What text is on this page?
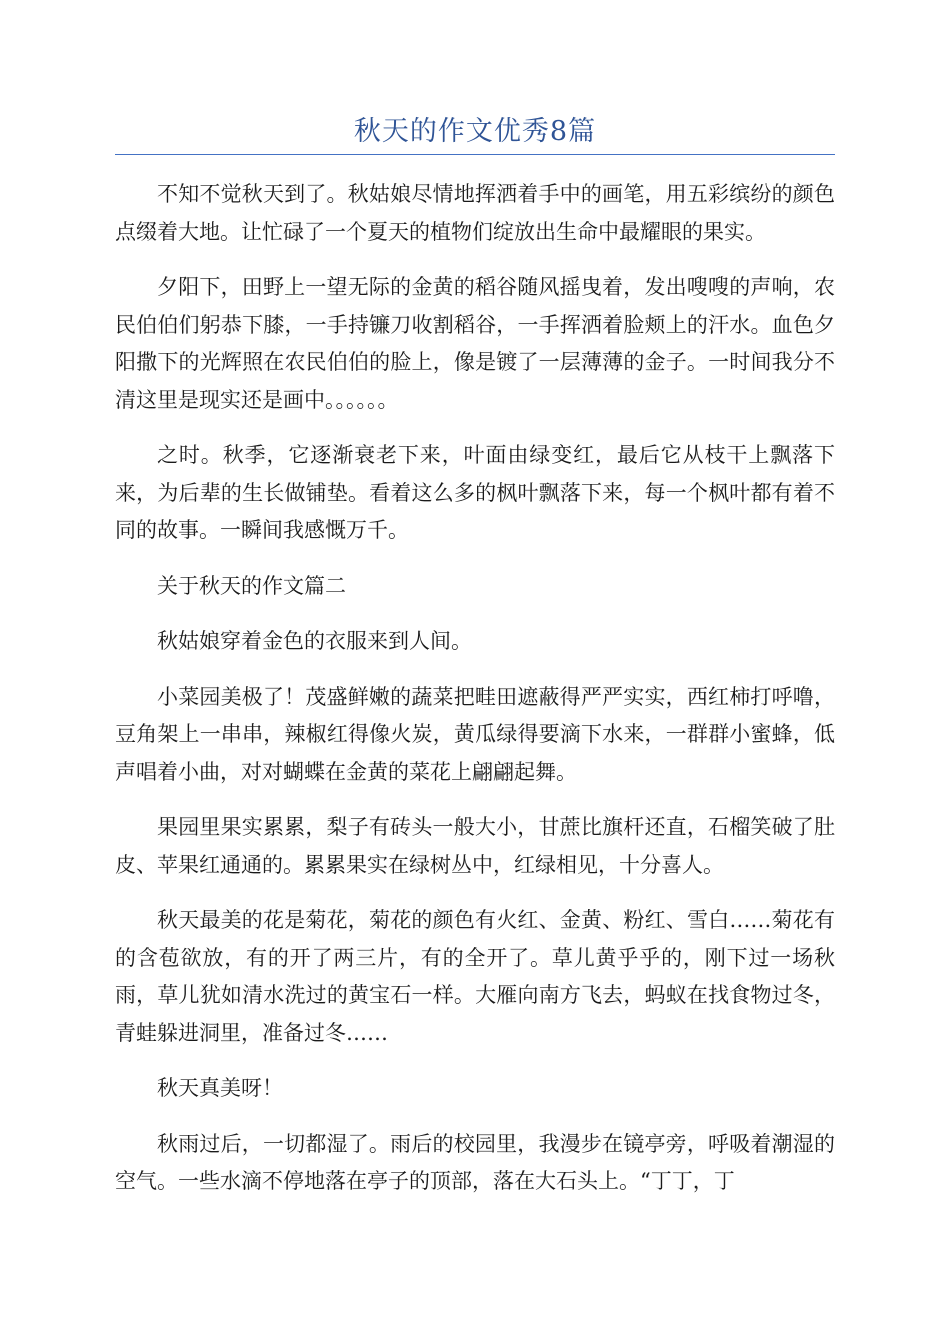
秋天的作文优秀8篇

不知不觉秋天到了。秋姑娘尽情地挥洒着手中的画笔，用五彩缤纷的颜色点缀着大地。让忙碌了一个夏天的植物们绽放出生命中最耀眼的果实。

夕阳下，田野上一望无际的金黄的稻谷随风摇曳着，发出嗖嗖的声响，农民伯伯们躬恭下膝，一手持镰刀收割稻谷，一手挥洒着脸颊上的汗水。血色夕阳撒下的光辉照在农民伯伯的脸上，像是镀了一层薄薄的金子。一时间我分不清这里是现实还是画中。。。。。。

之时。秋季，它逐渐衰老下来，叶面由绿变红，最后它从枝干上飘落下来，为后辈的生长做铺垫。看着这么多的枫叶飘落下来，每一个枫叶都有着不同的故事。一瞬间我感慨万千。

关于秋天的作文篇二

秋姑娘穿着金色的衣服来到人间。

小菜园美极了！茂盛鲜嫩的蔬菜把畦田遮蔽得严严实实，西红柿打呼噜，豆角架上一串串，辣椒红得像火炭，黄瓜绿得要滴下水来，一群群小蜜蜂，低声唱着小曲，对对蝴蝶在金黄的菜花上翩翩起舞。

果园里果实累累，梨子有砖头一般大小，甘蔗比旗杆还直，石榴笑破了肚皮、苹果红通通的。累累果实在绿树丛中，红绿相见，十分喜人。

秋天最美的花是菊花，菊花的颜色有火红、金黄、粉红、雪白……菊花有的含苞欲放，有的开了两三片，有的全开了。草儿黄乎乎的，刚下过一场秋雨，草儿犹如清水洗过的黄宝石一样。大雁向南方飞去，蚂蚁在找食物过冬，青蛙躲进洞里，准备过冬……

秋天真美呀！

秋雨过后，一切都湿了。雨后的校园里，我漫步在镜亭旁，呼吸着潮湿的空气。一些水滴不停地落在亭子的顶部，落在大石头上。“丁丁，丁
